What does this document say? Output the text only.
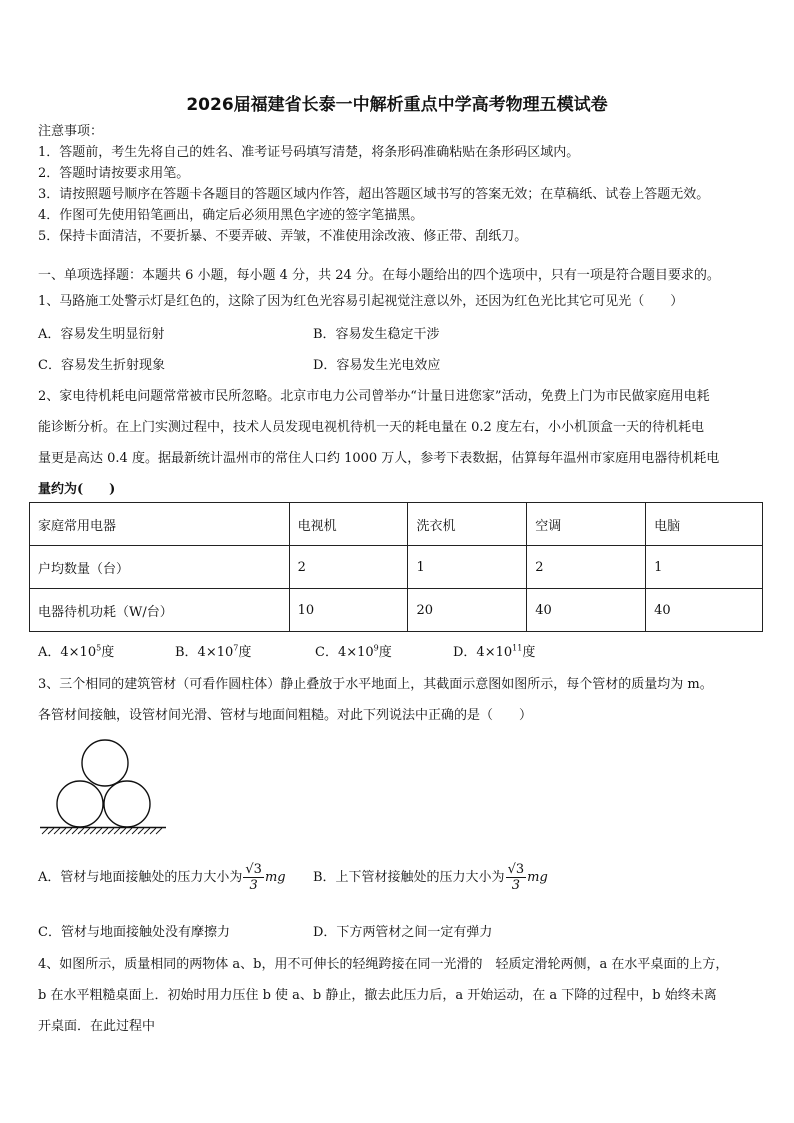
2026届福建省长泰一中解析重点中学高考物理五模试卷
注意事项：
1．答题前，考生先将自己的姓名、准考证号码填写清楚，将条形码准确粘贴在条形码区域内。
2．答题时请按要求用笔。
3．请按照题号顺序在答题卡各题目的答题区域内作答，超出答题区域书写的答案无效；在草稿纸、试卷上答题无效。
4．作图可先使用铅笔画出，确定后必须用黑色字迹的签字笔描黑。
5．保持卡面清洁，不要折暴、不要弄破、弄皱，不准使用涂改液、修正带、刮纸刀。
一、单项选择题：本题共 6 小题，每小题 4 分，共 24 分。在每小题给出的四个选项中，只有一项是符合题目要求的。
1、马路施工处警示灯是红色的，这除了因为红色光容易引起视觉注意以外，还因为红色光比其它可见光（　　）
A．容易发生明显衍射	B．容易发生稳定干涉
C．容易发生折射现象	D．容易发生光电效应
2、家电待机耗电问题常常被市民所忽略。北京市电力公司曾举办“计量日进您家”活动，免费上门为市民做家庭用电耗
能诊断分析。在上门实测过程中，技术人员发现电视机待机一天的耗电量在 0.2 度左右，小小机顶盒一天的待机耗电
量更是高达 0.4 度。据最新统计温州市的常住人口约 1000 万人，参考下表数据，估算每年温州市家庭用电器待机耗电
量约为(　　)
家庭常用电器	电视机	洗衣机	空调	电脑
户均数量（台）	2	1	2	1
电器待机功耗（W/台）	10	20	40	40
A．$4\times 10^5$度	B．$4\times 10^7$度	C．$4\times 10^9$度	D．$4\times 10^{11}$度
3、三个相同的建筑管材（可看作圆柱体）静止叠放于水平地面上，其截面示意图如图所示，每个管材的质量均为 m。
各管材间接触，设管材间光滑、管材与地面间粗糙。对此下列说法中正确的是（　　）
A．管材与地面接触处的压力大小为 $\frac{√3}{3}$ mg B．上下管材接触处的压力大小为 $\frac{√3}{3}$ mg
C．管材与地面接触处没有摩擦力	D．下方两管材之间一定有弹力
4、如图所示，质量相同的两物体 a、b，用不可伸长的轻绳跨接在同一光滑的　轻质定滑轮两侧，a 在水平桌面的上方，
b 在水平粗糙桌面上．初始时用力压住 b 使 a、b 静止，撤去此压力后，a 开始运动，在 a 下降的过程中，b 始终未离
开桌面．在此过程中
